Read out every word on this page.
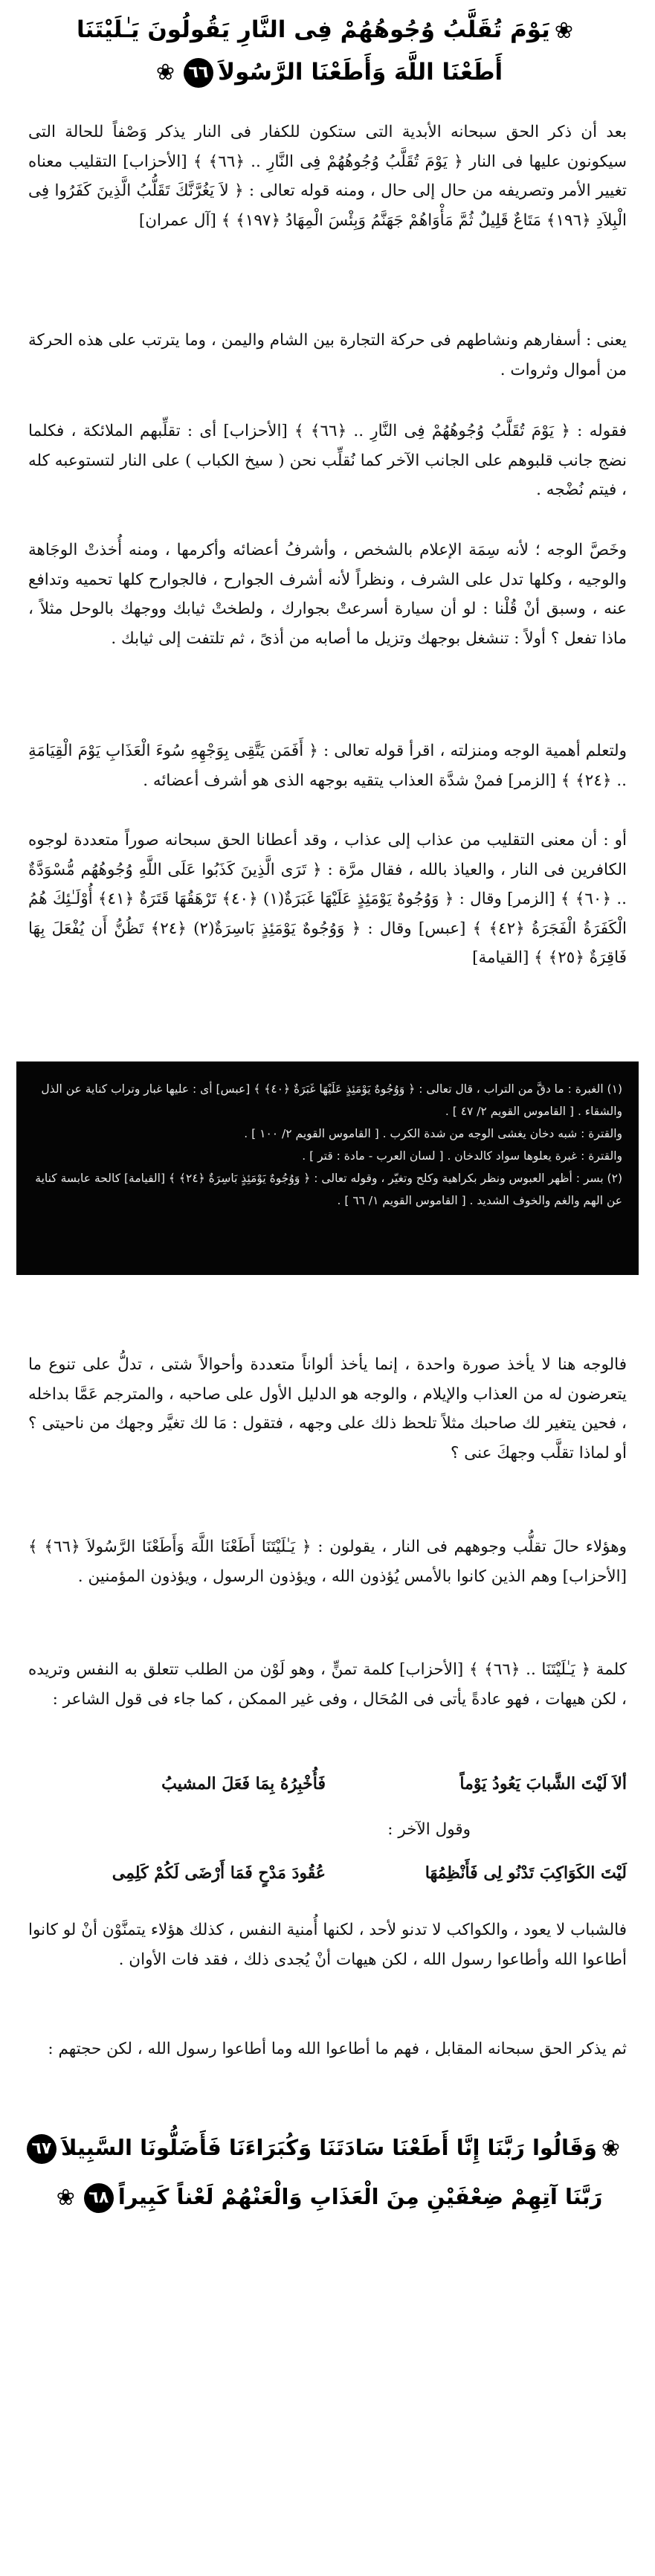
❀يَوْمَ تُقَلَّبُ وُجُوهُهُمْ فِى النَّارِ يَقُولُونَ يَـٰلَيْتَنَا
أَطَعْنَا اللَّهَ وَأَطَعْنَا الرَّسُولاَ٦٦❀

بعد أن ذكر الحق سبحانه الأبدية التى ستكون للكفار فى النار يذكر وَصْفاً للحالة التى سيكونون عليها فى النار ﴿ يَوْمَ تُقَلَّبُ وُجُوهُهُمْ فِى النَّارِ .. ﴿٦٦﴾ ﴾ [الأحزاب] التقليب معناه تغيير الأمر وتصريفه من حال إلى حال ، ومنه قوله تعالى : ﴿ لاَ يَغُرَّنَّكَ تَقَلُّبُ الَّذِينَ كَفَرُوا فِى الْبِلاَدِ ﴿١٩٦﴾ مَتَاعٌ قَلِيلٌ ثُمَّ مَأْوَاهُمْ جَهَنَّمُ وَبِئْسَ الْمِهَادُ ﴿١٩٧﴾ ﴾ [آل عمران]

يعنى : أسفارهم ونشاطهم فى حركة التجارة بين الشام واليمن ، وما يترتب على هذه الحركة من أموال وثروات .

فقوله : ﴿ يَوْمَ تُقَلَّبُ وُجُوهُهُمْ فِى النَّارِ .. ﴿٦٦﴾ ﴾ [الأحزاب] أى : تقلِّبهم الملائكة ، فكلما نضج جانب قلبوهم على الجانب الآخر كما نُقلِّب نحن ( سيخ الكباب ) على النار لتستوعبه كله ، فيتم نُضْجه .

وخَصَّ الوجه ؛ لأنه سِمَة الإعلام بالشخص ، وأشرفُ أعضائه وأكرمها ، ومنه أُخذتْ الوجَاهة والوجيه ، وكلها تدل على الشرف ، ونظراً لأنه أشرف الجوارح ، فالجوارح كلها تحميه وتدافع عنه ، وسبق أنْ قُلْنا : لو أن سيارة أسرعتْ بجوارك ، ولطختْ ثيابك ووجهك بالوحل مثلاً ، ماذا تفعل ؟ أولاً : تنشغل بوجهك وتزيل ما أصابه من أذىً ، ثم تلتفت إلى ثيابك .

ولتعلم أهمية الوجه ومنزلته ، اقرأ قوله تعالى : ﴿ أَفَمَن يَتَّقِى بِوَجْهِهِ سُوءَ الْعَذَابِ يَوْمَ الْقِيَامَةِ .. ﴿٢٤﴾ ﴾ [الزمر] فمنْ شدَّة العذاب يتقيه بوجهه الذى هو أشرف أعضائه .

أو : أن معنى التقليب من عذاب إلى عذاب ، وقد أعطانا الحق سبحانه صوراً متعددة لوجوه الكافرين فى النار ، والعياذ بالله ، فقال مرَّة : ﴿ تَرَى الَّذِينَ كَذَبُوا عَلَى اللَّهِ وُجُوهُهُم مُّسْوَدَّةٌ .. ﴿٦٠﴾ ﴾ [الزمر] وقال : ﴿ وَوُجُوهٌ يَوْمَئِذٍ عَلَيْهَا غَبَرَةٌ(١) ﴿٤٠﴾ تَرْهَقُهَا قَتَرَةٌ ﴿٤١﴾ أُوْلَـٰئِكَ هُمُ الْكَفَرَةُ الْفَجَرَةُ ﴿٤٢﴾ ﴾ [عبس] وقال : ﴿ وَوُجُوهٌ يَوْمَئِذٍ بَاسِرَةٌ(٢) ﴿٢٤﴾ تَظُنُّ أَن يُفْعَلَ بِهَا فَاقِرَةٌ ﴿٢٥﴾ ﴾ [القيامة]

(١) الغبرة : ما دقَّ من التراب ، قال تعالى : ﴿ وَوُجُوهٌ يَوْمَئِذٍ عَلَيْهَا غَبَرَةٌ ﴿٤٠﴾ ﴾ [عبس] أى : عليها غبار وتراب كناية عن الذل والشقاء . [ القاموس القويم ٢/ ٤٧ ] .

والقترة : شبه دخان يغشى الوجه من شدة الكرب . [ القاموس القويم ٢/ ١٠٠ ] .

والقترة : غبرة يعلوها سواد كالدخان . [ لسان العرب - مادة : قتر ] .

(٢) بسر : أظهر العبوس ونظر بكراهية وكلح وتغيّر ، وقوله تعالى : ﴿ وَوُجُوهٌ يَوْمَئِذٍ بَاسِرَةٌ ﴿٢٤﴾ ﴾ [القيامة] كالحة عابسة كناية عن الهم والغم والخوف الشديد . [ القاموس القويم ١/ ٦٦ ] .

فالوجه هنا لا يأخذ صورة واحدة ، إنما يأخذ ألواناً متعددة وأحوالاً شتى ، تدلُّ على تنوع ما يتعرضون له من العذاب والإيلام ، والوجه هو الدليل الأول على صاحبه ، والمترجم عَمَّا بداخله ، فحين يتغير لك صاحبك مثلاً تلحظ ذلك على وجهه ، فتقول : مَا لك تغيَّر وجهك من ناحيتى ؟ أو لماذا تقلَّب وجهكَ عنى ؟

وهؤلاء حالَ تقلُّب وجوههم فى النار ، يقولون : ﴿ يَـٰلَيْتَنَا أَطَعْنَا اللَّهَ وَأَطَعْنَا الرَّسُولاَ ﴿٦٦﴾ ﴾ [الأحزاب] وهم الذين كانوا بالأمس يُؤذون الله ، ويؤذون الرسول ، ويؤذون المؤمنين .

كلمة ﴿ يَـٰلَيْتَنَا .. ﴿٦٦﴾ ﴾ [الأحزاب] كلمة تمنٍّ ، وهو لَوْن من الطلب تتعلق به النفس وتريده ، لكن هيهات ، فهو عادةً يأتى فى المُحَال ، وفى غير الممكن ، كما جاء فى قول الشاعر :

ألاَ لَيْتَ الشَّبابَ يَعُودُ يَوْماً
فَأُخْبِرُهُ بِمَا فَعَلَ المشيبُ
وقول الآخر :
لَيْتَ الكَوَاكِبَ تَدْنُو لِى فَأَنْظِمُهَا
عُقُودَ مَدْحٍ فَمَا أَرْضَى لَكُمْ كَلِمِى

فالشباب لا يعود ، والكواكب لا تدنو لأحد ، لكنها أُمنية النفس ، كذلك هؤلاء يتمنَّوْن أنْ لو كانوا أطاعوا الله وأطاعوا رسول الله ، لكن هيهات أنْ يُجدى ذلك ، فقد فات الأوان .

ثم يذكر الحق سبحانه المقابل ، فهم ما أطاعوا الله وما أطاعوا رسول الله ، لكن حجتهم :

❀وَقَالُوا رَبَّنَا إِنَّا أَطَعْنَا سَادَتَنَا وَكُبَرَاءَنَا فَأَضَلُّونَا السَّبِيلاَ٦٧
رَبَّنَا آتِهِمْ ضِعْفَيْنِ مِنَ الْعَذَابِ وَالْعَنْهُمْ لَعْناً كَبِيراً٦٨❀
